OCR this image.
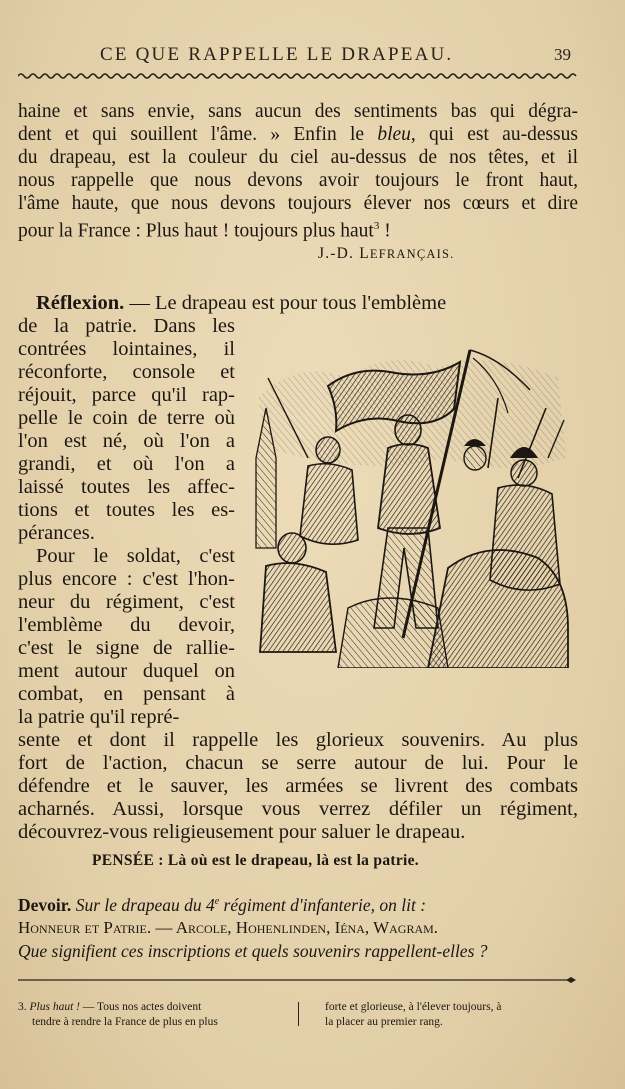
CE QUE RAPPELLE LE DRAPEAU.	39
haine et sans envie, sans aucun des sentiments bas qui dégra-
dent et qui souillent l'âme. » Enfin le bleu, qui est au-dessus
du drapeau, est la couleur du ciel au-dessus de nos têtes, et il
nous rappelle que nous devons avoir toujours le front haut,
l'âme haute, que nous devons toujours élever nos cœurs et dire
pour la France : Plus haut ! toujours plus haut$^3$ !
J.-D. LEFRANÇAIS.
Réflexion. — Le drapeau est pour tous l'emblème
de la patrie. Dans les
contrées lointaines, il
réconforte, console et
réjouit, parce qu'il rap-
pelle le coin de terre où
l'on est né, où l'on a
grandi, et où l'on a
laissé toutes les affec-
tions et toutes les es-
pérances.
Pour le soldat, c'est
plus encore : c'est l'hon-
neur du régiment, c'est
l'emblème du devoir,
c'est le signe de rallie-
ment autour duquel on
combat, en pensant à
la patrie qu'il repré-
sente et dont il rappelle les glorieux souvenirs. Au plus
fort de l'action, chacun se serre autour de lui. Pour le
défendre et le sauver, les armées se livrent des combats
acharnés. Aussi, lorsque vous verrez défiler un régiment,
découvrez-vous religieusement pour saluer le drapeau.
PENSÉE : Là où est le drapeau, là est la patrie.
Devoir. Sur le drapeau du 4e régiment d'infanterie, on lit :
Honneur et Patrie. — Arcole, Hohenlinden, Iéna, Wagram.
Que signifient ces inscriptions et quels souvenirs rappellent-elles ?
3. Plus haut ! — Tous nos actes doivent
tendre à rendre la France de plus en plus
forte et glorieuse, à l'élever toujours, à
la placer au premier rang.
